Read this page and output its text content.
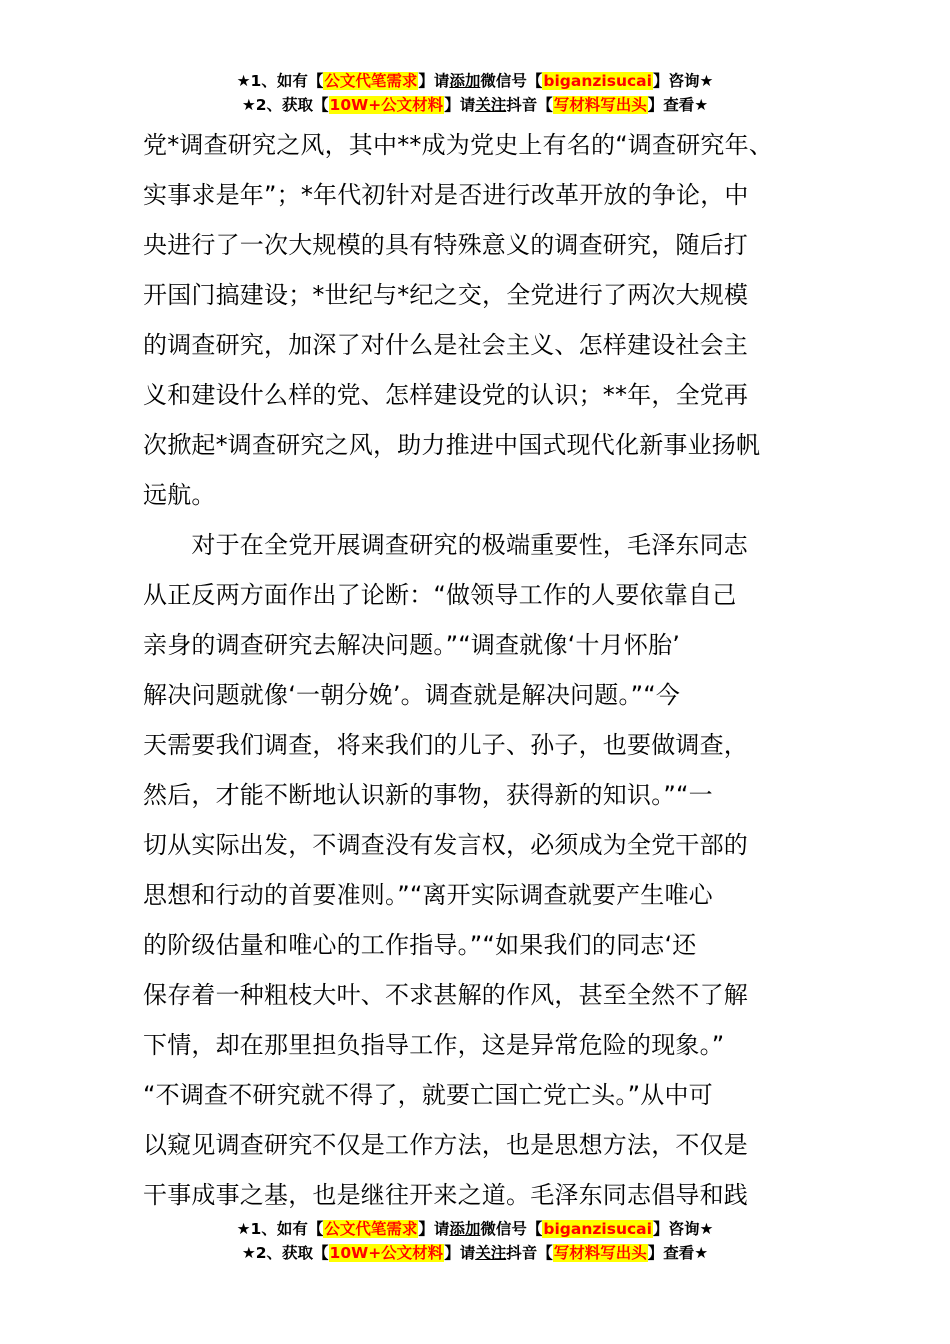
★1、如有【公文代笔需求】请添加微信号【biganzisucai】咨询★
★2、获取【10W+公文材料】请关注抖音【写材料写出头】查看★
党*调查研究之风，其中**成为党史上有名的“调查研究年、
实事求是年”；*年代初针对是否进行改革开放的争论，中
央进行了一次大规模的具有特殊意义的调查研究，随后打
开国门搞建设；*世纪与*纪之交，全党进行了两次大规模
的调查研究，加深了对什么是社会主义、怎样建设社会主
义和建设什么样的党、怎样建设党的认识；**年，全党再
次掀起*调查研究之风，助力推进中国式现代化新事业扬帆
远航。
　　对于在全党开展调查研究的极端重要性，毛泽东同志
从正反两方面作出了论断：“做领导工作的人要依靠自己
亲身的调查研究去解决问题。”“调查就像‘十月怀胎’
解决问题就像‘一朝分娩’。调查就是解决问题。”“今
天需要我们调查，将来我们的儿子、孙子，也要做调查，
然后，才能不断地认识新的事物，获得新的知识。”“一
切从实际出发，不调查没有发言权，必须成为全党干部的
思想和行动的首要准则。”“离开实际调查就要产生唯心
的阶级估量和唯心的工作指导。”“如果我们的同志‘还
保存着一种粗枝大叶、不求甚解的作风，甚至全然不了解
下情，却在那里担负指导工作，这是异常危险的现象。”
“不调查不研究就不得了，就要亡国亡党亡头。”从中可
以窥见调查研究不仅是工作方法，也是思想方法，不仅是
干事成事之基，也是继往开来之道。毛泽东同志倡导和践
★1、如有【公文代笔需求】请添加微信号【biganzisucai】咨询★
★2、获取【10W+公文材料】请关注抖音【写材料写出头】查看★
